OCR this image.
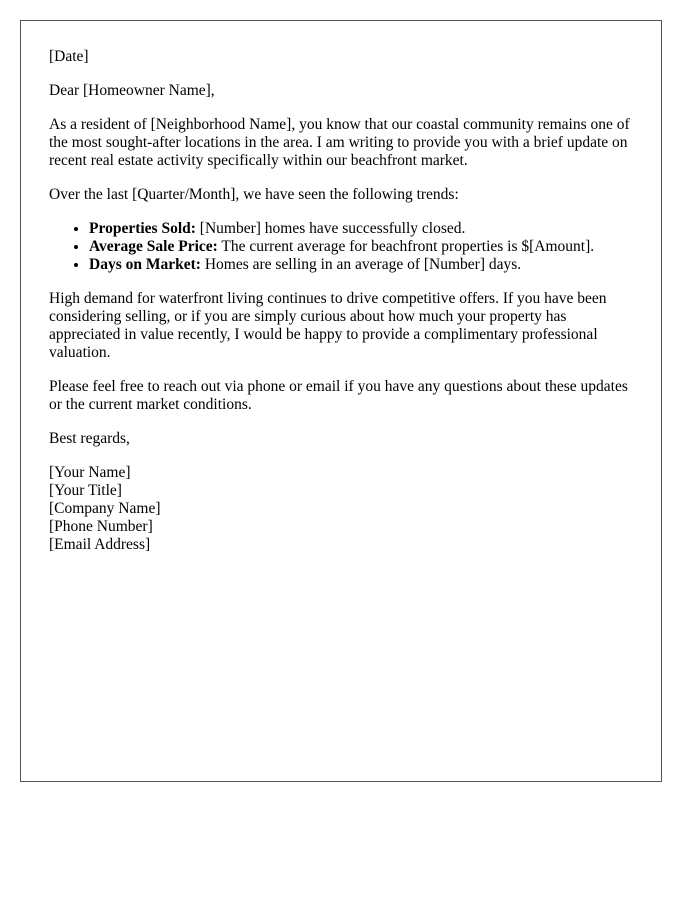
[Date]

Dear [Homeowner Name],

As a resident of [Neighborhood Name], you know that our coastal community remains one of the most sought-after locations in the area. I am writing to provide you with a brief update on recent real estate activity specifically within our beachfront market.

Over the last [Quarter/Month], we have seen the following trends:

• Properties Sold: [Number] homes have successfully closed.
• Average Sale Price: The current average for beachfront properties is $[Amount].
• Days on Market: Homes are selling in an average of [Number] days.

High demand for waterfront living continues to drive competitive offers. If you have been considering selling, or if you are simply curious about how much your property has appreciated in value recently, I would be happy to provide a complimentary professional valuation.

Please feel free to reach out via phone or email if you have any questions about these updates or the current market conditions.

Best regards,

[Your Name]
[Your Title]
[Company Name]
[Phone Number]
[Email Address]
